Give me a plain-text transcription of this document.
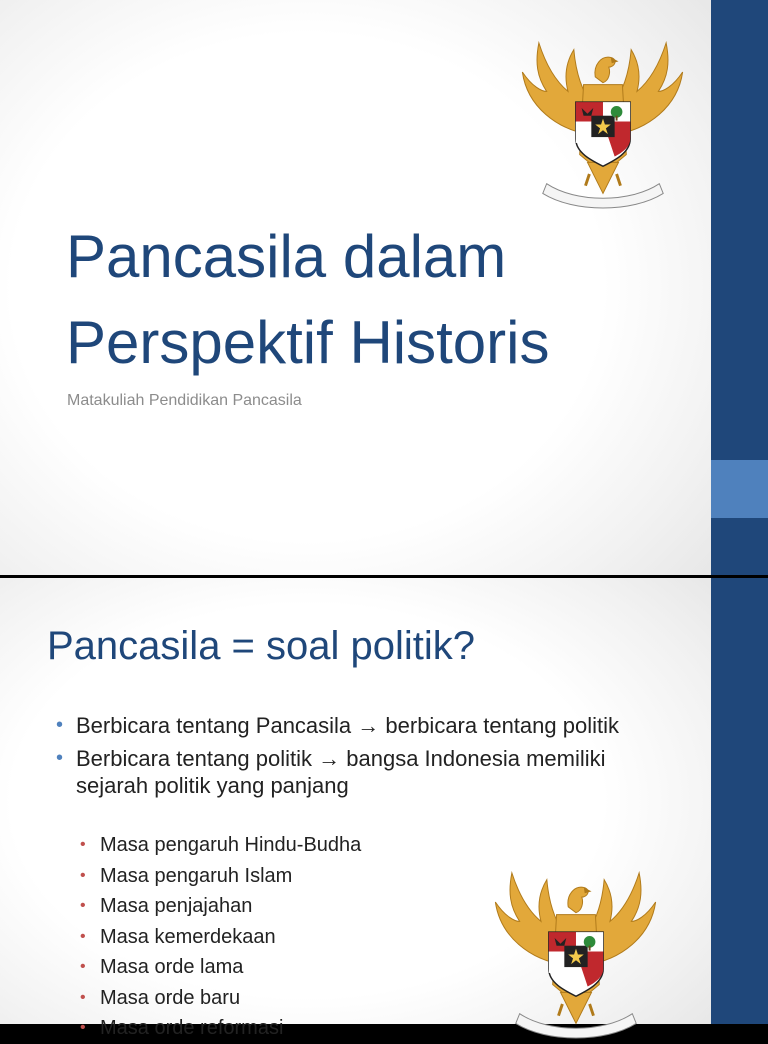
Pancasila dalam
Perspektif Historis
Matakuliah Pendidikan Pancasila
Pancasila = soal politik?
• Berbicara tentang Pancasila → berbicara tentang politik
• Berbicara tentang politik → bangsa Indonesia memiliki sejarah politik yang panjang
• Masa pengaruh Hindu-Budha
• Masa pengaruh Islam
• Masa penjajahan
• Masa kemerdekaan
• Masa orde lama
• Masa orde baru
• Masa orde reformasi
